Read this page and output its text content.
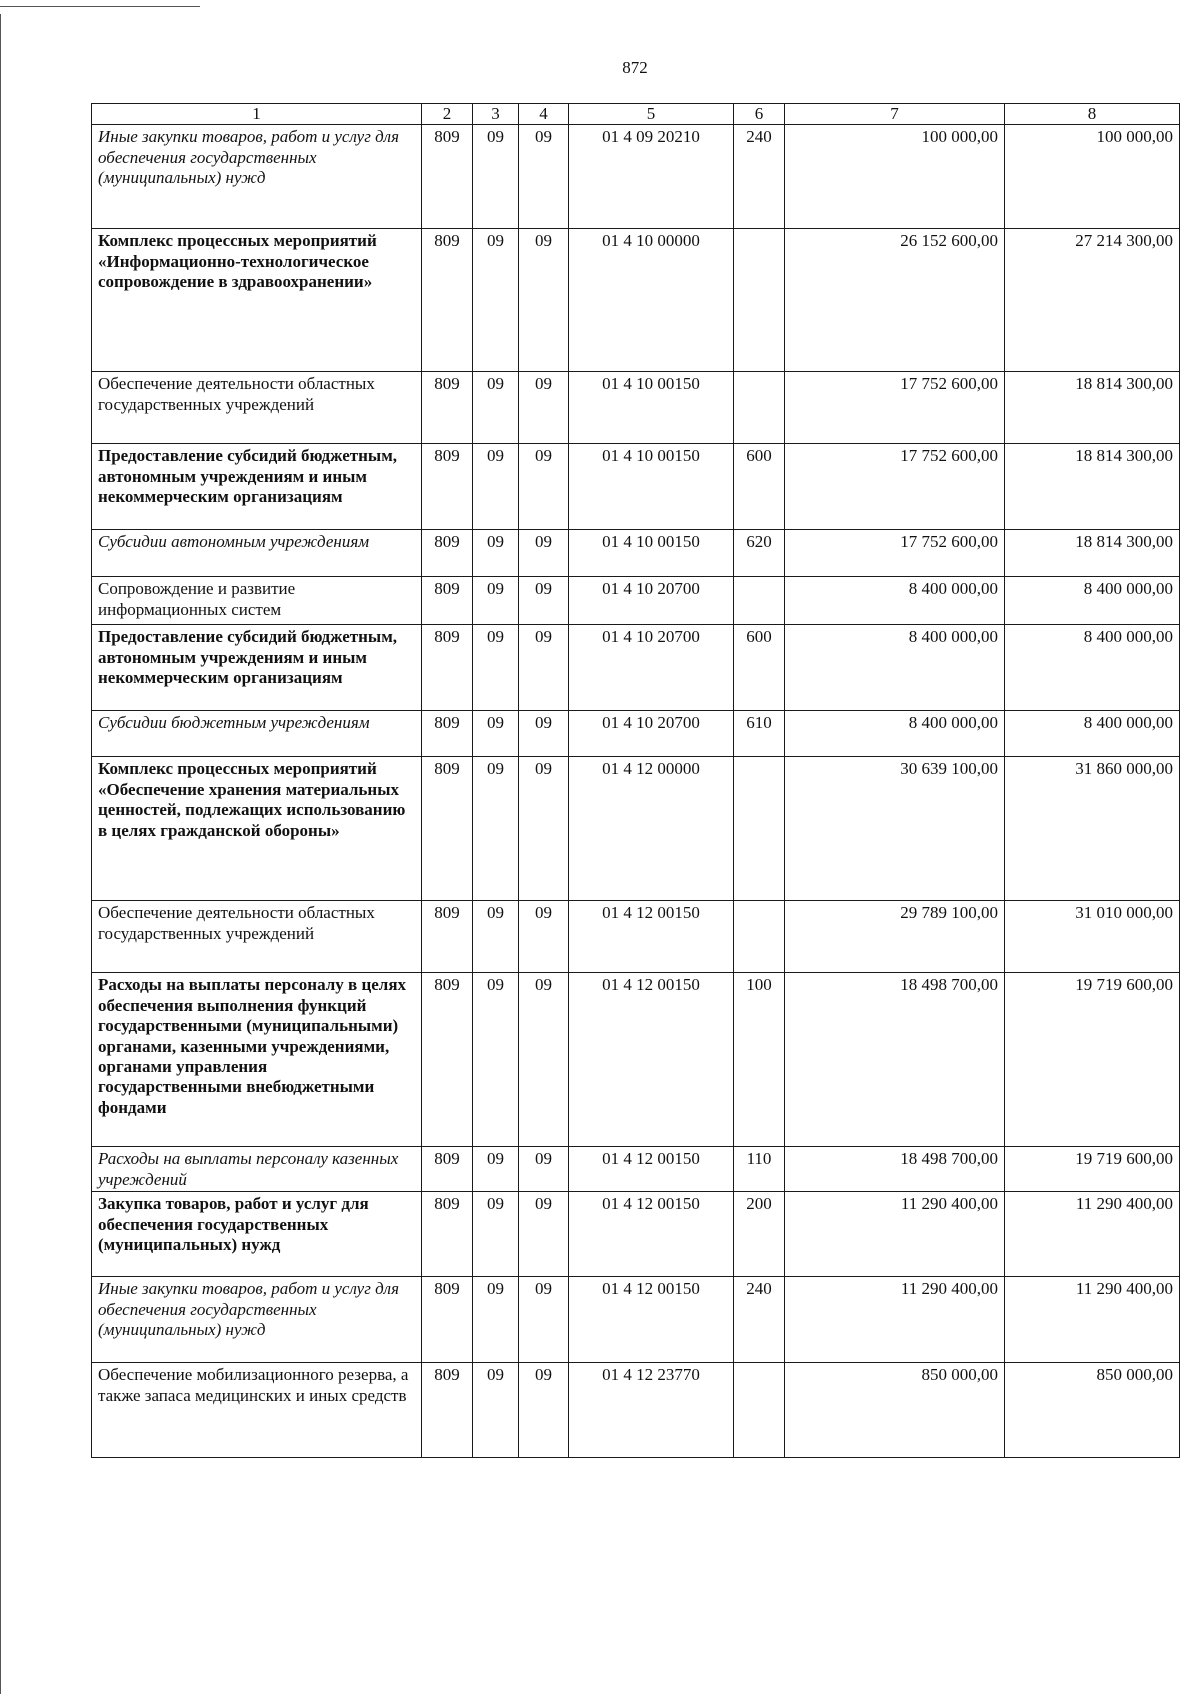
872
1	2	3	4	5	6	7	8
Иные закупки товаров, работ и услуг для обеспечения государственных (муниципальных) нужд	809	09	09	01 4 09 20210	240	100 000,00	100 000,00
Комплекс процессных мероприятий «Информационно-технологическое сопровождение в здравоохранении»	809	09	09	01 4 10 00000		26 152 600,00	27 214 300,00
Обеспечение деятельности областных государственных учреждений	809	09	09	01 4 10 00150		17 752 600,00	18 814 300,00
Предоставление субсидий бюджетным, автономным учреждениям и иным некоммерческим организациям	809	09	09	01 4 10 00150	600	17 752 600,00	18 814 300,00
Субсидии автономным учреждениям	809	09	09	01 4 10 00150	620	17 752 600,00	18 814 300,00
Сопровождение и развитие информационных систем	809	09	09	01 4 10 20700		8 400 000,00	8 400 000,00
Предоставление субсидий бюджетным, автономным учреждениям и иным некоммерческим организациям	809	09	09	01 4 10 20700	600	8 400 000,00	8 400 000,00
Субсидии бюджетным учреждениям	809	09	09	01 4 10 20700	610	8 400 000,00	8 400 000,00
Комплекс процессных мероприятий «Обеспечение хранения материальных ценностей, подлежащих использованию в целях гражданской обороны»	809	09	09	01 4 12 00000		30 639 100,00	31 860 000,00
Обеспечение деятельности областных государственных учреждений	809	09	09	01 4 12 00150		29 789 100,00	31 010 000,00
Расходы на выплаты персоналу в целях обеспечения выполнения функций государственными (муниципальными) органами, казенными учреждениями, органами управления государственными внебюджетными фондами	809	09	09	01 4 12 00150	100	18 498 700,00	19 719 600,00
Расходы на выплаты персоналу казенных учреждений	809	09	09	01 4 12 00150	110	18 498 700,00	19 719 600,00
Закупка товаров, работ и услуг для обеспечения государственных (муниципальных) нужд	809	09	09	01 4 12 00150	200	11 290 400,00	11 290 400,00
Иные закупки товаров, работ и услуг для обеспечения государственных (муниципальных) нужд	809	09	09	01 4 12 00150	240	11 290 400,00	11 290 400,00
Обеспечение мобилизационного резерва, а также запаса медицинских и иных средств	809	09	09	01 4 12 23770		850 000,00	850 000,00
